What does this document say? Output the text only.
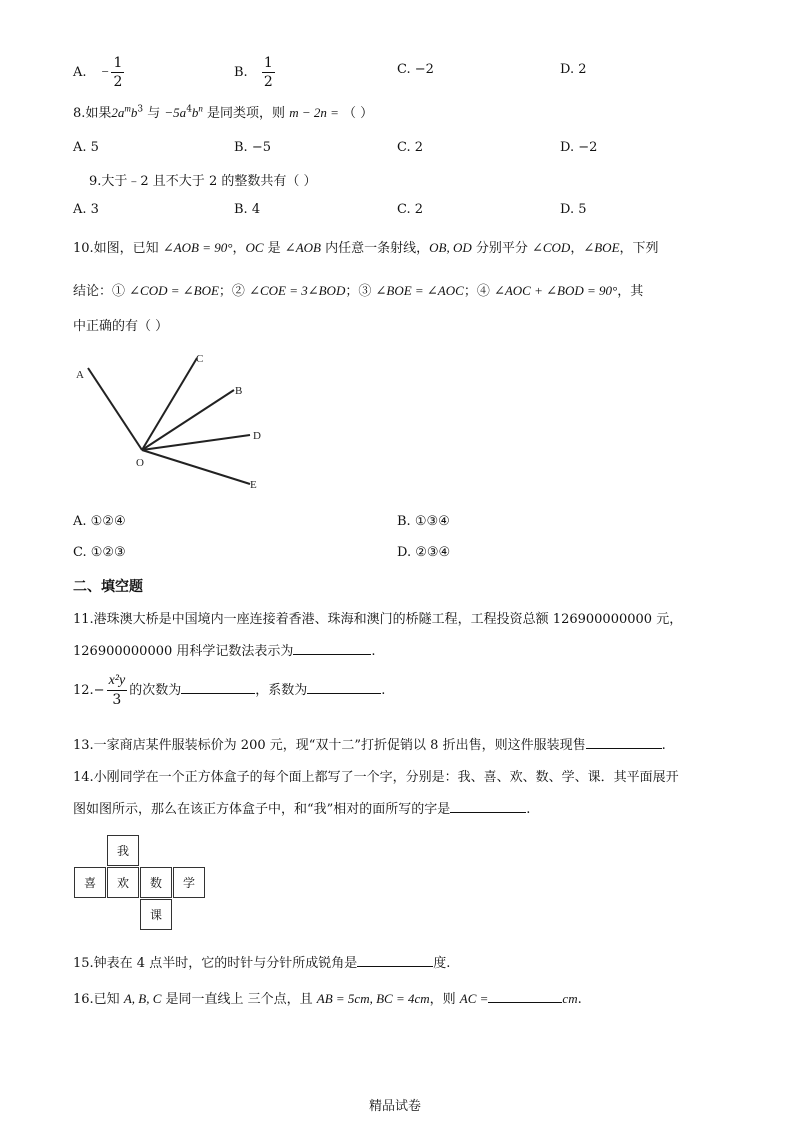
A. − $\frac{1}{2}$	B. $\frac{1}{2}$	C. −2	D. 2
8.如果$2a^mb^3$ 与 $-5a^4b^n$ 是同类项，则 m − 2n = （ ）
A. 5	B. −5	C. 2	D. −2
9.大于﹣2 且不大于 2 的整数共有（ ）
A. 3	B. 4	C. 2	D. 5
10.如图，已知 ∠AOB = 90°，OC 是 ∠AOB 内任意一条射线，OB, OD 分别平分 ∠COD，∠BOE，下列
结论：① ∠COD = ∠BOE；② ∠COE = 3∠BOD；③ ∠BOE = ∠AOC；④ ∠AOC + ∠BOD = 90°，其
中正确的有（ ）
A
C
B
D
O
E
A. ①②④	B. ①③④
C. ①②③	D. ②③④
二、填空题
11.港珠澳大桥是中国境内一座连接着香港、珠海和澳门的桥隧工程，工程投资总额 126900000000 元，
126900000000 用科学记数法表示为	.
$12.- \frac{\text{x²y}}{3}$ 的次数为	，系数为	.
13.一家商店某件服装标价为 200 元，现“双十二”打折促销以 8 折出售，则这件服装现售	.
14.小刚同学在一个正方体盒子的每个面上都写了一个字，分别是：我、喜、欢、数、学、课．其平面展开
图如图所示，那么在该正方体盒子中，和“我”相对的面所写的字是	.
我
喜	欢	数	学
课
15.钟表在 4 点半时，它的时针与分针所成锐角是	度.
16.已知 A, B, C 是同一直线上 三个点，且 AB = 5cm, BC = 4cm，则 AC =	cm.
精品试卷
